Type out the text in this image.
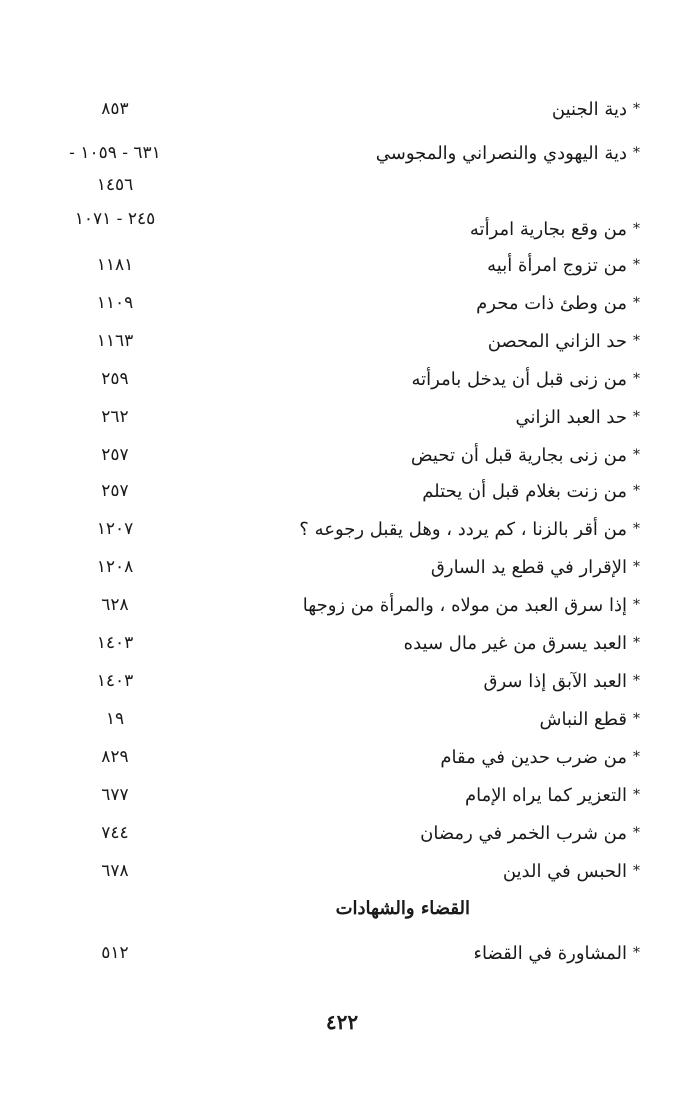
*
دية الجنين
٨٥٣
*
دية اليهودي والنصراني والمجوسي
٦٣١ - ١٠٥٩ -
١٤٥٦
٢٤٥ - ١٠٧١	*
من وقع بجارية امرأته
*
من تزوج امرأة أبيه
١١٨١
*
من وطئ ذات محرم
١١٠٩
*
حد الزاني المحصن
١١٦٣
*
من زنى قبل أن يدخل بامرأته
٢٥٩
*
حد العبد الزاني
٢٦٢
*
من زنى بجارية قبل أن تحيض
٢٥٧
*
من زنت بغلام قبل أن يحتلم
٢٥٧
*
من أقر بالزنا ، كم يردد ، وهل يقبل رجوعه ؟
١٢٠٧
*
الإقرار في قطع يد السارق
١٢٠٨
*
إذا سرق العبد من مولاه ، والمرأة من زوجها
٦٢٨
*
العبد يسرق من غير مال سيده
١٤٠٣
*
العبد الآبق إذا سرق
١٤٠٣
*
قطع النباش
١٩
*
من ضرب حدين في مقام
٨٢٩
*
التعزير كما يراه الإمام
٦٧٧
*
من شرب الخمر في رمضان
٧٤٤
*
الحبس في الدين
٦٧٨
القضاء والشهادات
*
المشاورة في القضاء
٥١٢
٤٢٢
